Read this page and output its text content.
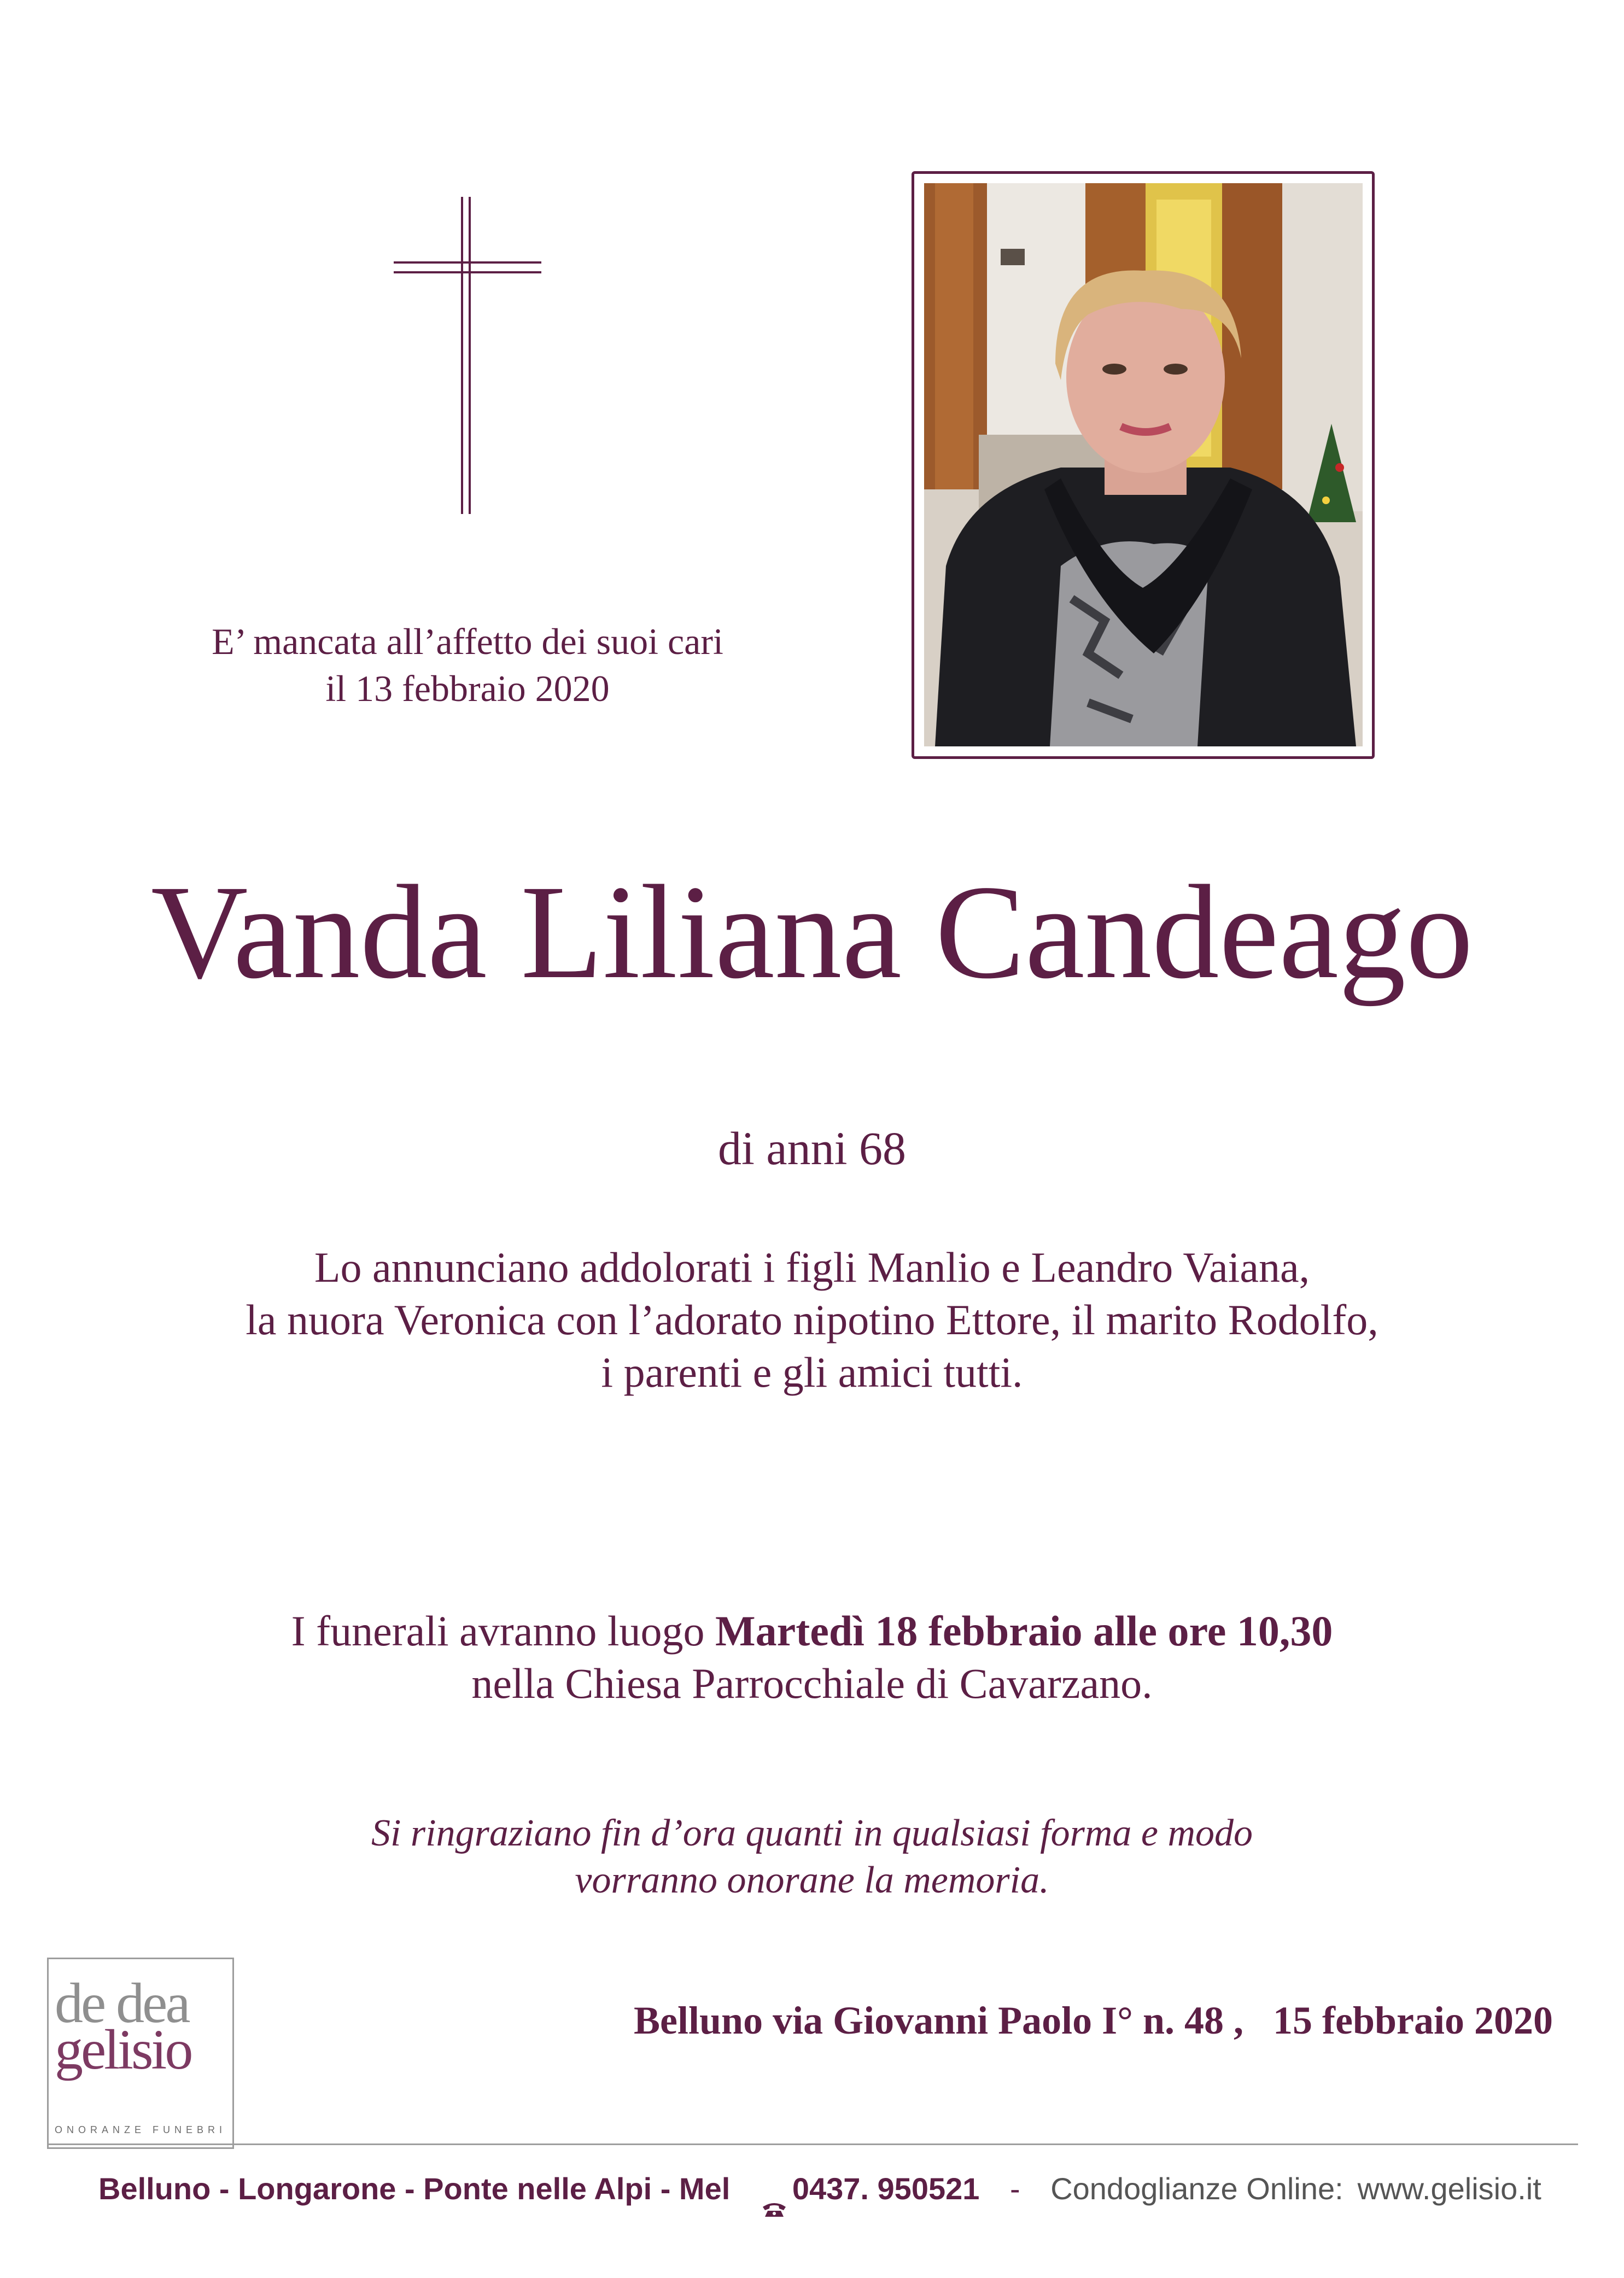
E’ mancata all’affetto dei suoi cari
il 13 febbraio 2020
Vanda Liliana Candeago
di anni 68
Lo annunciano addolorati i figli Manlio e Leandro Vaiana,
la nuora Veronica con l’adorato nipotino Ettore, il marito Rodolfo,
i parenti e gli amici tutti.
I funerali avranno luogo Martedì 18 febbraio alle ore 10,30
nella Chiesa Parrocchiale di Cavarzano.
Si ringraziano fin d’ora quanti in qualsiasi forma e modo
vorranno onorane la memoria.
de dea
gelisio
ONORANZE FUNEBRI
Belluno via Giovanni Paolo I° n. 48 ,   15 febbraio 2020
Belluno - Longarone - Ponte nelle Alpi - Mel 0437. 950521 - Condoglianze Online: www.gelisio.it
